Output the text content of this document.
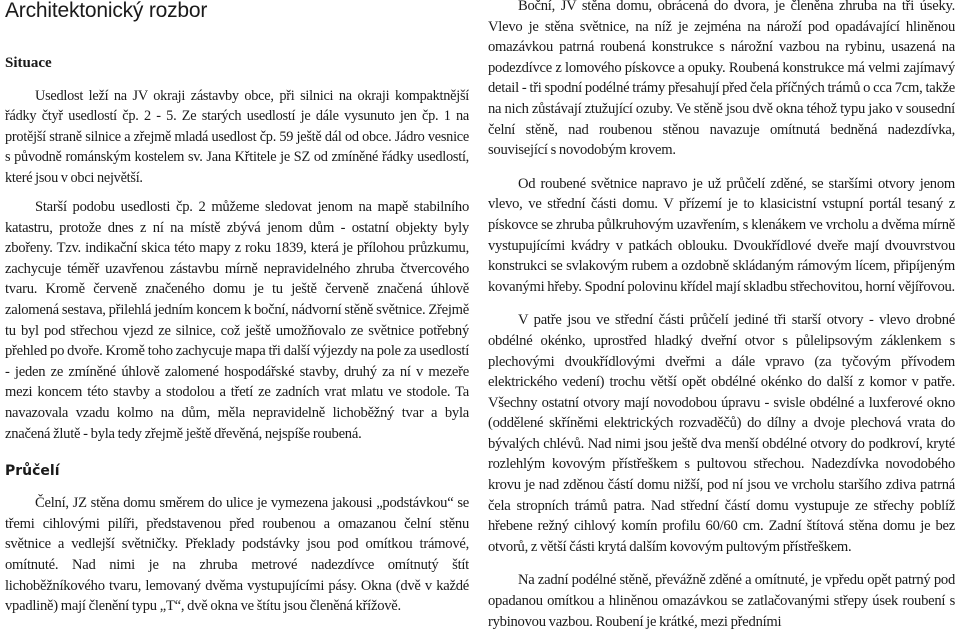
Architektonický rozbor
Situace

Usedlost leží na JV okraji zástavby obce, při silnici na okraji kompaktnější řádky čtyř usedlostí čp. 2 - 5. Ze starých usedlostí je dále vysunuto jen čp. 1 na protější straně silnice a zřejmě mladá usedlost čp. 59 ještě dál od obce. Jádro vesnice s původně románským kostelem sv. Jana Křtitele je SZ od zmíněné řádky usedlostí, které jsou v obci největší.

Starší podobu usedlosti čp. 2 můžeme sledovat jenom na mapě stabilního katastru, protože dnes z ní na místě zbývá jenom dům - ostatní objekty byly zbořeny. Tzv. indikační skica této mapy z roku 1839, která je přílohou průzkumu, zachycuje téměř uzavřenou zástavbu mírně nepravidelného zhruba čtvercového tvaru. Kromě červeně značeného domu je tu ještě červeně značená úhlově zalomená sestava, přilehlá jedním koncem k boční, nádvorní stěně světnice. Zřejmě tu byl pod střechou vjezd ze silnice, což ještě umožňovalo ze světnice potřebný přehled po dvoře. Kromě toho zachycuje mapa tři další výjezdy na pole za usedlostí - jeden ze zmíněné úhlově zalomené hospodářské stavby, druhý za ní v mezeře mezi koncem této stavby a stodolou a třetí ze zadních vrat mlatu ve stodole. Ta navazovala vzadu kolmo na dům, měla nepravidelně lichoběžný tvar a byla značená žlutě - byla tedy zřejmě ještě dřevěná, nejspíše roubená.

Průčelí

Čelní, JZ stěna domu směrem do ulice je vymezena jakousi „podstávkou“ se třemi cihlovými pilíři, představenou před roubenou a omazanou čelní stěnu světnice a vedlejší světničky. Překlady podstávky jsou pod omítkou trámové, omítnuté. Nad nimi je na zhruba metrové nadezdívce omítnutý štít lichoběžníkového tvaru, lemovaný dvěma vystupujícími pásy. Okna (dvě v každé vpadlině) mají členění typu „T“, dvě okna ve štítu jsou členěná křížově.

Boční, JV stěna domu, obrácená do dvora, je členěna zhruba na tři úseky. Vlevo je stěna světnice, na níž je zejména na nároží pod opadávající hliněnou omazávkou patrná roubená konstrukce s nárožní vazbou na rybinu, usazená na podezdívce z lomového pískovce a opuky. Roubená konstrukce má velmi zajímavý detail - tři spodní podélné trámy přesahují před čela příčných trámů o cca 7cm, takže na nich zůstávají ztužující ozuby. Ve stěně jsou dvě okna téhož typu jako v sousední čelní stěně, nad roubenou stěnou navazuje omítnutá bedněná nadezdívka, související s novodobým krovem.

Od roubené světnice napravo je už průčelí zděné, se staršími otvory jenom vlevo, ve střední části domu. V přízemí je to klasicistní vstupní portál tesaný z pískovce se zhruba půlkruhovým uzavřením, s klenákem ve vrcholu a dvěma mírně vystupujícími kvádry v patkách oblouku. Dvoukřídlové dveře mají dvouvrstvou konstrukci se svlakovým rubem a ozdobně skládaným rámovým lícem, připíjeným kovanými hřeby. Spodní polovinu křídel mají skladbu střechovitou, horní vějířovou.

V patře jsou ve střední části průčelí jediné tři starší otvory - vlevo drobné obdélné okénko, uprostřed hladký dveřní otvor s půlelipsovým záklenkem s plechovými dvoukřídlovými dveřmi a dále vpravo (za tyčovým přívodem elektrického vedení) trochu větší opět obdélné okénko do další z komor v patře. Všechny ostatní otvory mají novodobou úpravu - svisle obdélné a luxferové okno (oddělené skříněmi elektrických rozvaděčů) do dílny a dvoje plechová vrata do bývalých chlévů. Nad nimi jsou ještě dva menší obdélné otvory do podkroví, kryté rozlehlým kovovým přístřeškem s pultovou střechou. Nadezdívka novodobého krovu je nad zděnou částí domu nižší, pod ní jsou ve vrcholu staršího zdiva patrná čela stropních trámů patra. Nad střední částí domu vystupuje ze střechy poblíž hřebene režný cihlový komín profilu 60/60 cm. Zadní štítová stěna domu je bez otvorů, z větší části krytá dalším kovovým pultovým přístřeškem.

Na zadní podélné stěně, převážně zděné a omítnuté, je vpředu opět patrný pod opadanou omítkou a hliněnou omazávkou se zatlačovanými střepy úsek roubení s rybinovou vazbou. Roubení je krátké, mezi předními
